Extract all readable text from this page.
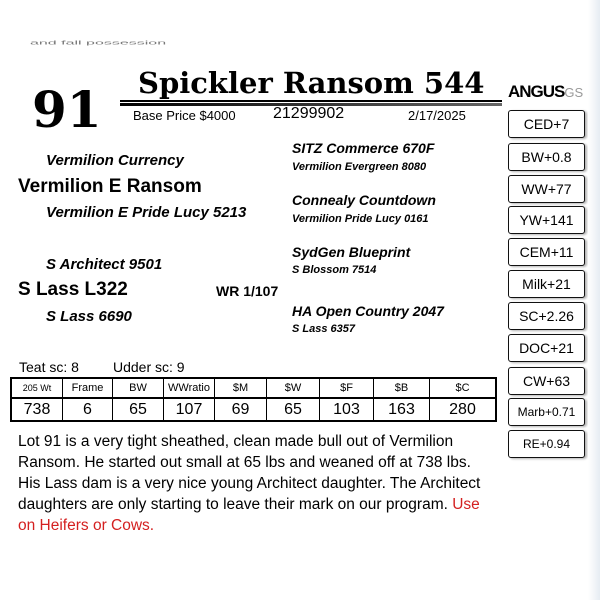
and fall possession
91 Spickler Ransom 544
Base Price $4000 21299902	2/17/2025
ANGUSGS
Vermilion Currency
Vermilion E Ransom
Vermilion E Pride Lucy 5213
SITZ Commerce 670F
Vermilion Evergreen 8080
Connealy Countdown
Vermilion Pride Lucy 0161
S Architect 9501
S Lass L322
S Lass 6690
SydGen Blueprint
S Blossom 7514
HA Open Country 2047
S Lass 6357
WR 1/107
Teat sc: 8 Udder sc: 9
205 Wt	Frame	BW	WWratio	$M	$W	$F	$B	$C
738	6	65	107	69	65	103	163	280
CED+7
BW+0.8
WW+77
YW+141
CEM+11
Milk+21
SC+2.26
DOC+21
CW+63
Marb+0.71
RE+0.94
Lot 91 is a very tight sheathed, clean made bull out of Vermilion Ransom. He started out small at 65 lbs and weaned off at 738 lbs. His Lass dam is a very nice young Architect daughter. The Architect daughters are only starting to leave their mark on our program. Use on Heifers or Cows.
